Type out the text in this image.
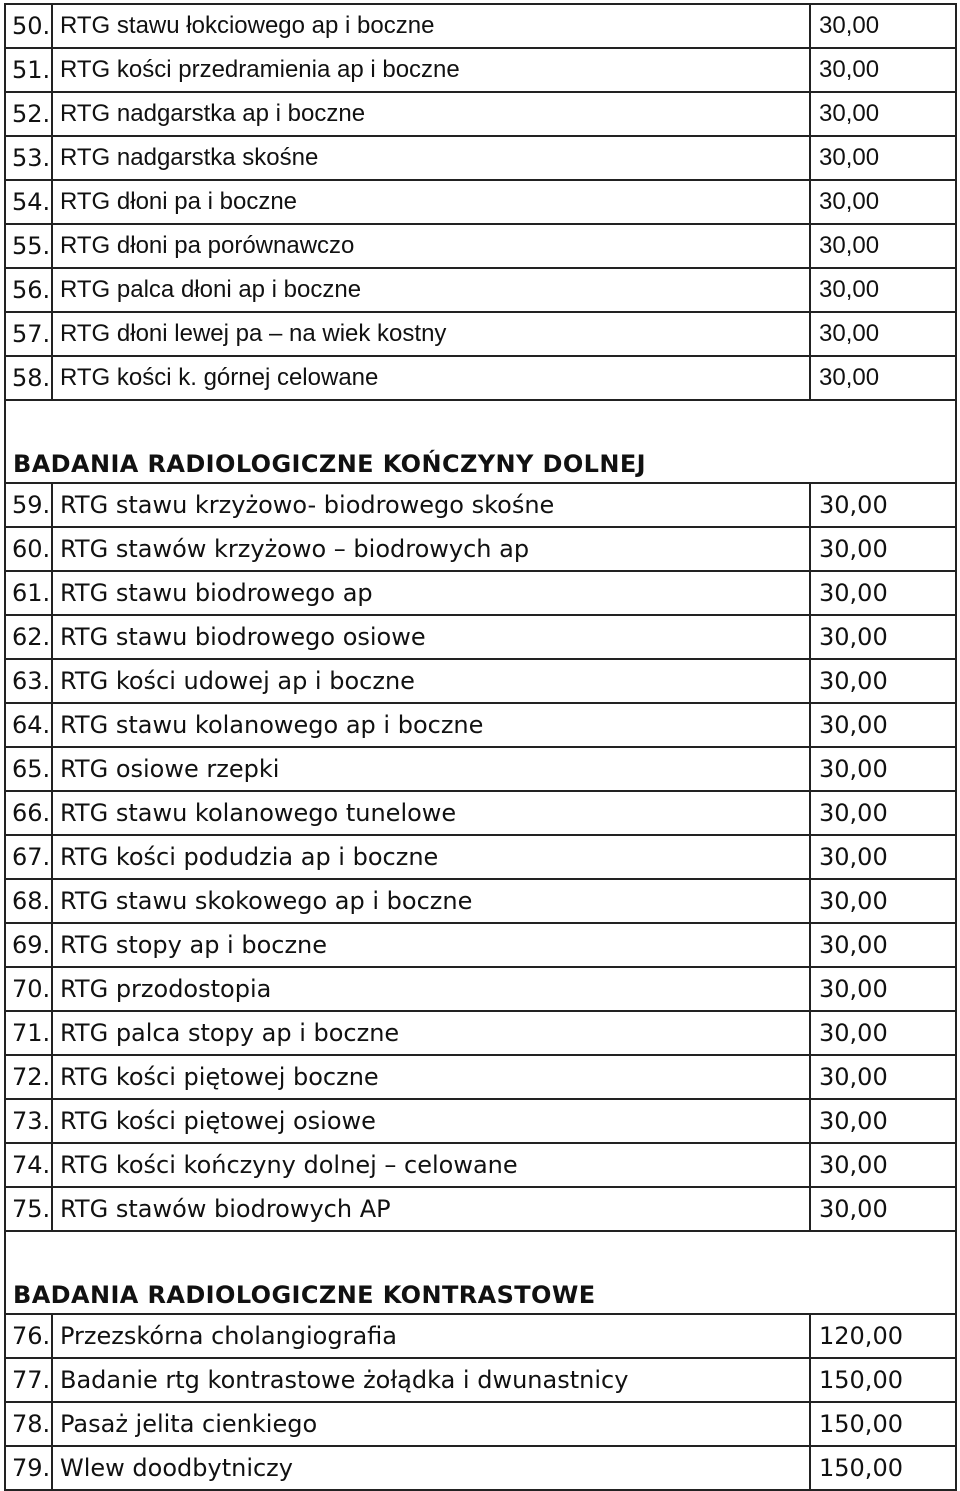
50.	RTG stawu łokciowego ap i boczne	30,00
51.	RTG kości przedramienia ap i boczne	30,00
52.	RTG nadgarstka ap i boczne	30,00
53.	RTG nadgarstka skośne	30,00
54.	RTG dłoni pa i boczne	30,00
55.	RTG dłoni pa porównawczo	30,00
56.	RTG palca dłoni ap i boczne	30,00
57.	RTG dłoni lewej pa – na wiek kostny	30,00
58.	RTG kości k. górnej celowane	30,00
BADANIA RADIOLOGICZNE KOŃCZYNY DOLNEJ		
59.	RTG stawu krzyżowo- biodrowego skośne	30,00
60.	RTG stawów krzyżowo – biodrowych ap	30,00
61.	RTG stawu biodrowego ap	30,00
62.	RTG stawu biodrowego osiowe	30,00
63.	RTG kości udowej ap i boczne	30,00
64.	RTG stawu kolanowego ap i boczne	30,00
65.	RTG osiowe rzepki	30,00
66.	RTG stawu kolanowego tunelowe	30,00
67.	RTG kości podudzia ap i boczne	30,00
68.	RTG stawu skokowego ap i boczne	30,00
69.	RTG stopy ap i boczne	30,00
70.	RTG przodostopia	30,00
71.	RTG palca stopy ap i boczne	30,00
72.	RTG kości piętowej boczne	30,00
73.	RTG kości piętowej osiowe	30,00
74.	RTG kości kończyny dolnej – celowane	30,00
75.	RTG stawów biodrowych AP	30,00
BADANIA RADIOLOGICZNE KONTRASTOWE		
76.	Przezskórna cholangiografia	120,00
77.	Badanie rtg kontrastowe żołądka i dwunastnicy	150,00
78.	Pasaż jelita cienkiego	150,00
79.	Wlew doodbytniczy	150,00
